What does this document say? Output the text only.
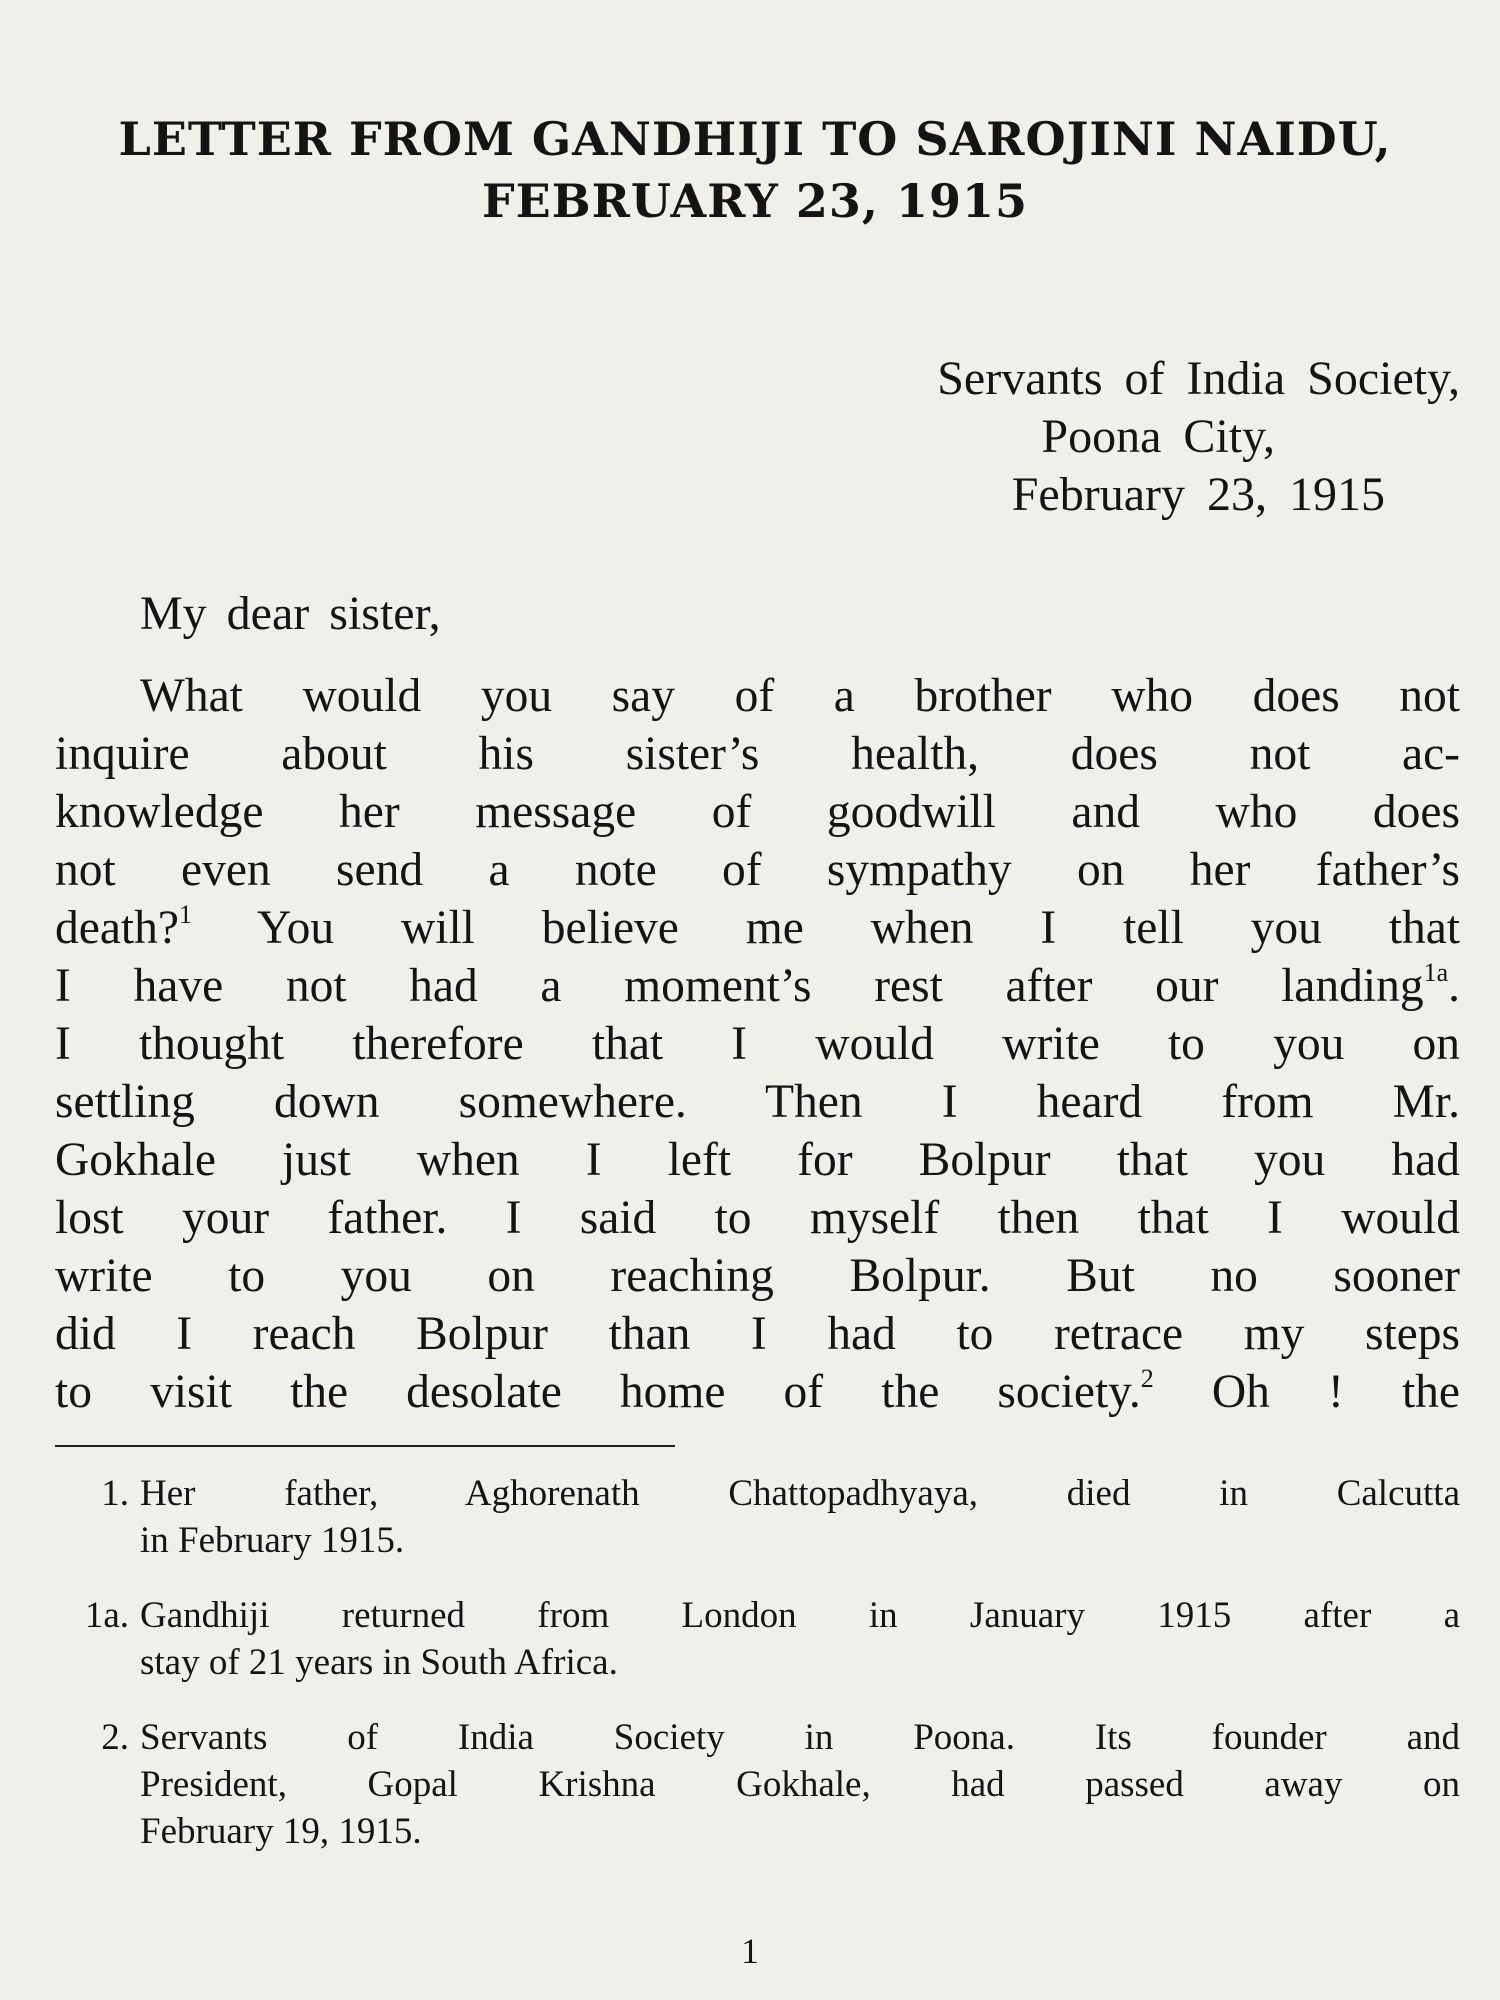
LETTER FROM GANDHIJI TO SAROJINI NAIDU,
FEBRUARY 23, 1915

Servants of India Society,

Poona City,

February 23, 1915

My dear sister,

What would you say of a brother who does not
inquire about his sister’s health, does not ac-
knowledge her message of goodwill and who does
not even send a note of sympathy on her father’s
death?$^1$ You will believe me when I tell you that
I have not had a moment’s rest after our landing$^{1a}$.
I thought therefore that I would write to you on
settling down somewhere. Then I heard from Mr.
Gokhale just when I left for Bolpur that you had
lost your father. I said to myself then that I would
write to you on reaching Bolpur. But no sooner
did I reach Bolpur than I had to retrace my steps
to visit the desolate home of the society.$^2$ Oh ! the
1. Her father, Aghorenath Chattopadhyaya, died in Calcutta
in February 1915.
1a. Gandhiji returned from London in January 1915 after a
stay of 21 years in South Africa.
2. Servants of India Society in Poona. Its founder and
President, Gopal Krishna Gokhale, had passed away on
February 19, 1915.

1
